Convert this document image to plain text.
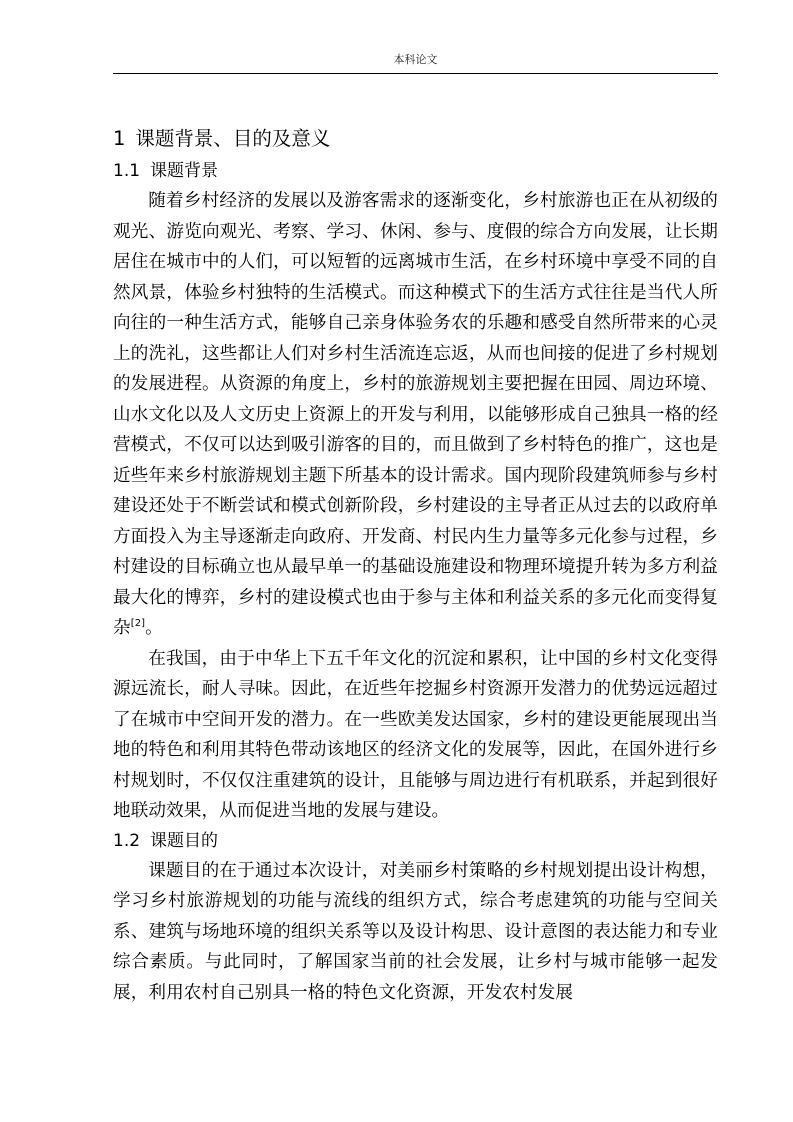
本科论文
1 课题背景、目的及意义
1.1 课题背景

随着乡村经济的发展以及游客需求的逐渐变化，乡村旅游也正在从初级的观光、游览向观光、考察、学习、休闲、参与、度假的综合方向发展，让长期居住在城市中的人们，可以短暂的远离城市生活，在乡村环境中享受不同的自然风景，体验乡村独特的生活模式。而这种模式下的生活方式往往是当代人所向往的一种生活方式，能够自己亲身体验务农的乐趣和感受自然所带来的心灵上的洗礼，这些都让人们对乡村生活流连忘返，从而也间接的促进了乡村规划的发展进程。从资源的角度上，乡村的旅游规划主要把握在田园、周边环境、山水文化以及人文历史上资源上的开发与利用，以能够形成自己独具一格的经营模式，不仅可以达到吸引游客的目的，而且做到了乡村特色的推广，这也是近些年来乡村旅游规划主题下所基本的设计需求。国内现阶段建筑师参与乡村建设还处于不断尝试和模式创新阶段，乡村建设的主导者正从过去的以政府单方面投入为主导逐渐走向政府、开发商、村民内生力量等多元化参与过程，乡村建设的目标确立也从最早单一的基础设施建设和物理环境提升转为多方利益最大化的博弈，乡村的建设模式也由于参与主体和利益关系的多元化而变得复杂[2]。

在我国，由于中华上下五千年文化的沉淀和累积，让中国的乡村文化变得源远流长，耐人寻味。因此，在近些年挖掘乡村资源开发潜力的优势远远超过了在城市中空间开发的潜力。在一些欧美发达国家，乡村的建设更能展现出当地的特色和利用其特色带动该地区的经济文化的发展等，因此，在国外进行乡村规划时，不仅仅注重建筑的设计，且能够与周边进行有机联系，并起到很好地联动效果，从而促进当地的发展与建设。

1.2 课题目的

课题目的在于通过本次设计，对美丽乡村策略的乡村规划提出设计构想，学习乡村旅游规划的功能与流线的组织方式，综合考虑建筑的功能与空间关系、建筑与场地环境的组织关系等以及设计构思、设计意图的表达能力和专业综合素质。与此同时，了解国家当前的社会发展，让乡村与城市能够一起发展，利用农村自己别具一格的特色文化资源，开发农村发展
